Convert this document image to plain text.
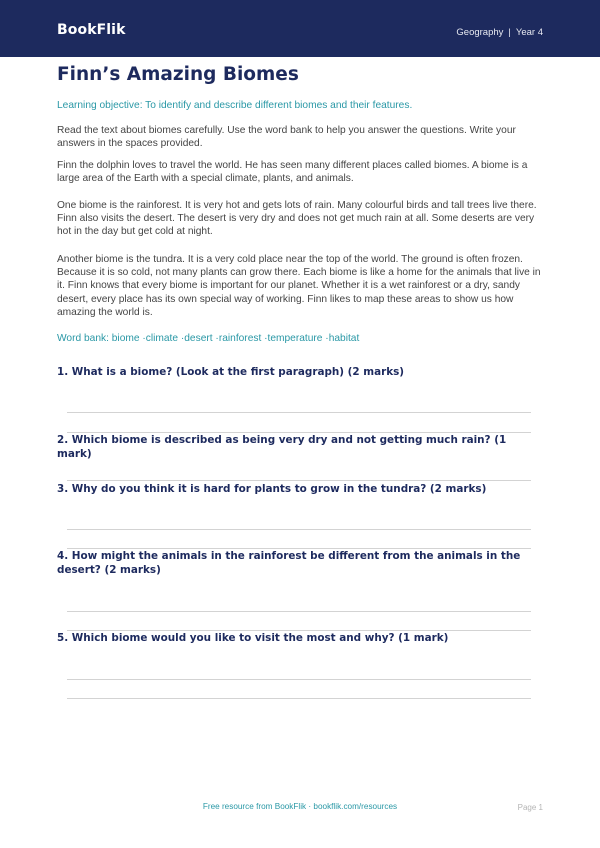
BookFlik	Geography | Year 4
Finn’s Amazing Biomes

Learning objective: To identify and describe different biomes and their features.

Read the text about biomes carefully. Use the word bank to help you answer the questions. Write your answers in the spaces provided.

Finn the dolphin loves to travel the world. He has seen many different places called biomes. A biome is a large area of the Earth with a special climate, plants, and animals.

One biome is the rainforest. It is very hot and gets lots of rain. Many colourful birds and tall trees live there. Finn also visits the desert. The desert is very dry and does not get much rain at all. Some deserts are very hot in the day but get cold at night.

Another biome is the tundra. It is a very cold place near the top of the world. The ground is often frozen. Because it is so cold, not many plants can grow there. Each biome is like a home for the animals that live in it. Finn knows that every biome is important for our planet. Whether it is a wet rainforest or a dry, sandy desert, every place has its own special way of working. Finn likes to map these areas to show us how amazing the world is.

Word bank: biome · climate · desert · rainforest · temperature · habitat

1. What is a biome? (Look at the first paragraph) (2 marks)
2. Which biome is described as being very dry and not getting much rain? (1 mark)
3. Why do you think it is hard for plants to grow in the tundra? (2 marks)
4. How might the animals in the rainforest be different from the animals in the desert? (2 marks)
5. Which biome would you like to visit the most and why? (1 mark)
Free resource from BookFlik · bookflik.com/resources	Page 1
